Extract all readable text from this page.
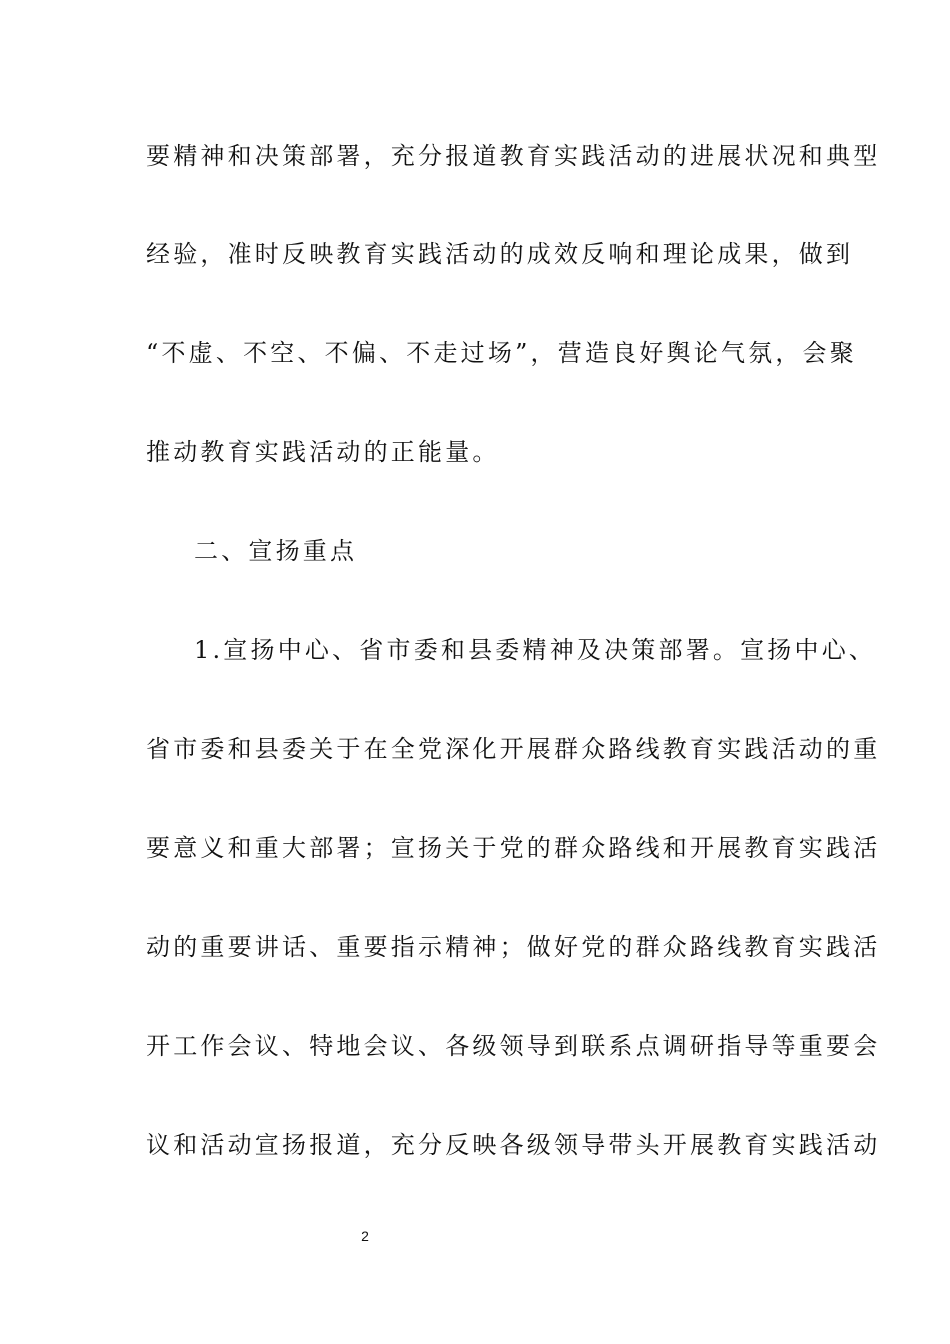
要精神和决策部署，充分报道教育实践活动的进展状况和典型
经验，准时反映教育实践活动的成效反响和理论成果，做到
“不虚、不空、不偏、不走过场”，营造良好舆论气氛，会聚
推动教育实践活动的正能量。
二、宣扬重点
1.宣扬中心、省市委和县委精神及决策部署。宣扬中心、
省市委和县委关于在全党深化开展群众路线教育实践活动的重
要意义和重大部署；宣扬关于党的群众路线和开展教育实践活
动的重要讲话、重要指示精神；做好党的群众路线教育实践活
开工作会议、特地会议、各级领导到联系点调研指导等重要会
议和活动宣扬报道，充分反映各级领导带头开展教育实践活动
2
